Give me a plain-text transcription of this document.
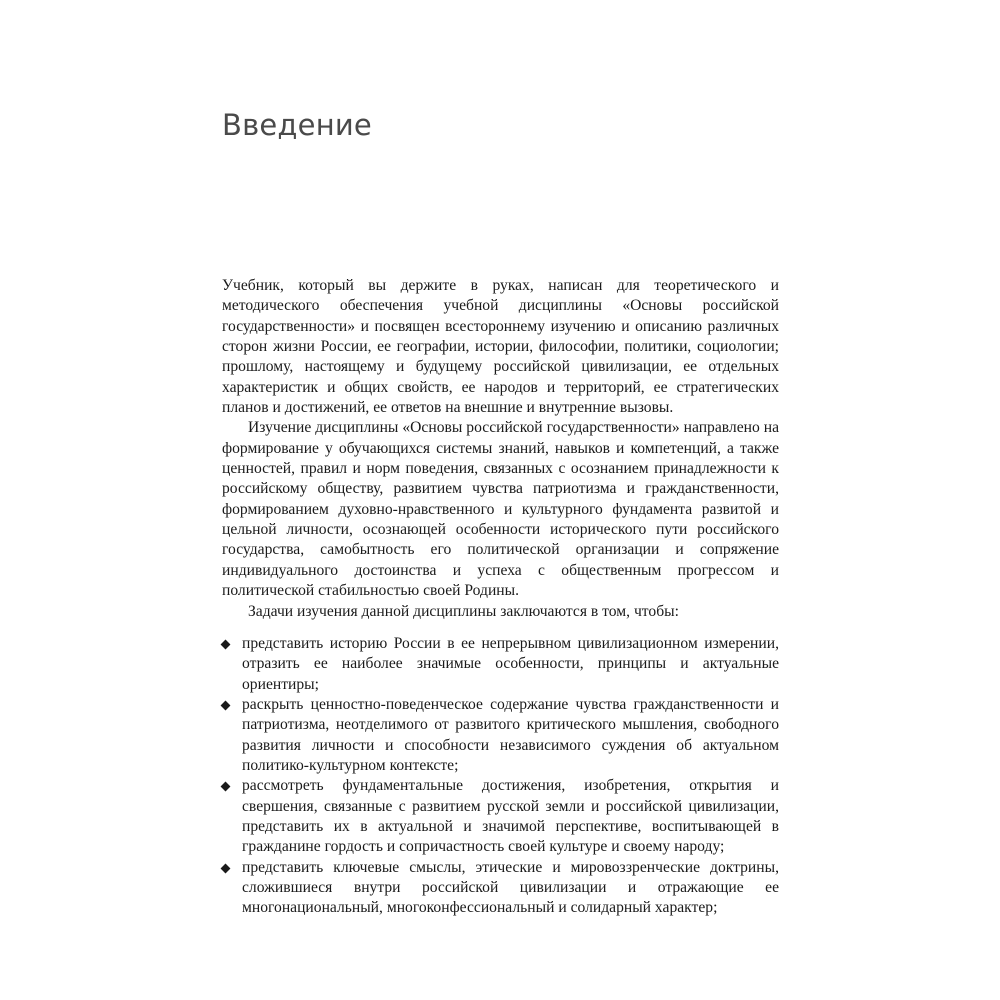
Введение

Учебник, который вы держите в руках, написан для теоретического и методического обеспечения учебной дисциплины «Основы российской государственности» и посвящен всестороннему изучению и описанию различных сторон жизни России, ее географии, истории, философии, политики, социологии; прошлому, настоящему и будущему российской цивилизации, ее отдельных характеристик и общих свойств, ее народов и территорий, ее стратегических планов и достижений, ее ответов на внешние и внутренние вызовы.

Изучение дисциплины «Основы российской государственности» направлено на формирование у обучающихся системы знаний, навыков и компетенций, а также ценностей, правил и норм поведения, связанных с осознанием принадлежности к российскому обществу, развитием чувства патриотизма и гражданственности, формированием духовно-нравственного и культурного фундамента развитой и цельной личности, осознающей особенности исторического пути российского государства, самобытность его политической организации и сопряжение индивидуального достоинства и успеха с общественным прогрессом и политической стабильностью своей Родины.

Задачи изучения данной дисциплины заключаются в том, чтобы:

представить историю России в ее непрерывном цивилизационном измерении, отразить ее наиболее значимые особенности, принципы и актуальные ориентиры;
раскрыть ценностно-поведенческое содержание чувства гражданственности и патриотизма, неотделимого от развитого критического мышления, свободного развития личности и способности независимого суждения об актуальном политико-культурном контексте;
рассмотреть фундаментальные достижения, изобретения, открытия и свершения, связанные с развитием русской земли и российской цивилизации, представить их в актуальной и значимой перспективе, воспитывающей в гражданине гордость и сопричастность своей культуре и своему народу;
представить ключевые смыслы, этические и мировоззренческие доктрины, сложившиеся внутри российской цивилизации и отражающие ее многонациональный, многоконфессиональный и солидарный характер;
